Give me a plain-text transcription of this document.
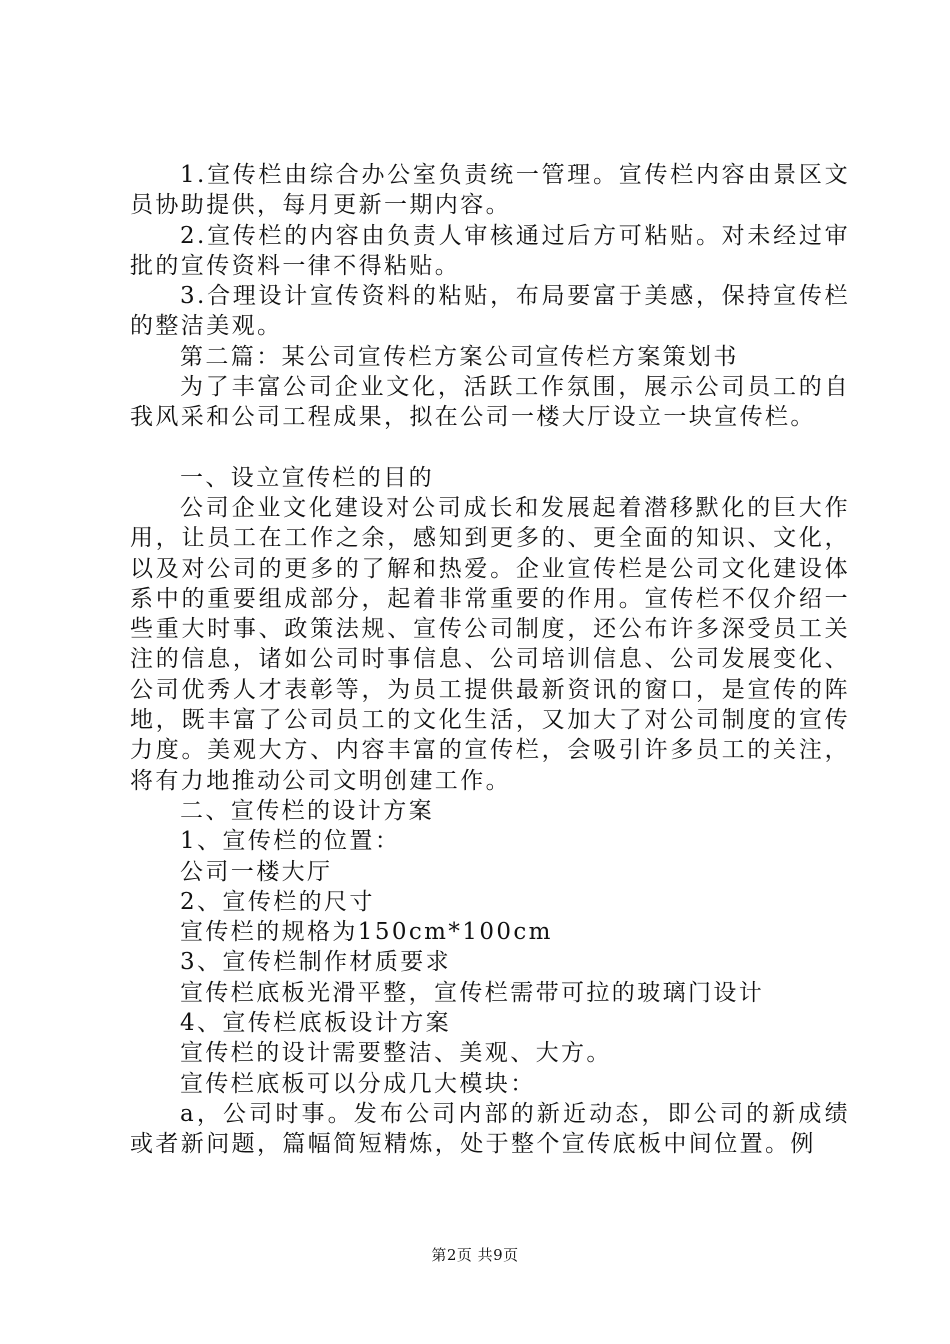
1.宣传栏由综合办公室负责统一管理。宣传栏内容由景区文员协助提供，每月更新一期内容。

2.宣传栏的内容由负责人审核通过后方可粘贴。对未经过审批的宣传资料一律不得粘贴。

3.合理设计宣传资料的粘贴，布局要富于美感，保持宣传栏的整洁美观。

第二篇：某公司宣传栏方案公司宣传栏方案策划书

为了丰富公司企业文化，活跃工作氛围，展示公司员工的自我风采和公司工程成果，拟在公司一楼大厅设立一块宣传栏。

一、设立宣传栏的目的

公司企业文化建设对公司成长和发展起着潜移默化的巨大作用，让员工在工作之余，感知到更多的、更全面的知识、文化，以及对公司的更多的了解和热爱。企业宣传栏是公司文化建设体系中的重要组成部分，起着非常重要的作用。宣传栏不仅介绍一些重大时事、政策法规、宣传公司制度，还公布许多深受员工关注的信息，诸如公司时事信息、公司培训信息、公司发展变化、公司优秀人才表彰等，为员工提供最新资讯的窗口，是宣传的阵地，既丰富了公司员工的文化生活，又加大了对公司制度的宣传力度。美观大方、内容丰富的宣传栏，会吸引许多员工的关注，将有力地推动公司文明创建工作。

二、宣传栏的设计方案

1、宣传栏的位置：

公司一楼大厅

2、宣传栏的尺寸

宣传栏的规格为150cm*100cm

3、宣传栏制作材质要求

宣传栏底板光滑平整，宣传栏需带可拉的玻璃门设计

4、宣传栏底板设计方案

宣传栏的设计需要整洁、美观、大方。

宣传栏底板可以分成几大模块：

a，公司时事。发布公司内部的新近动态，即公司的新成绩或者新问题，篇幅简短精炼，处于整个宣传底板中间位置。例

第2页 共9页
